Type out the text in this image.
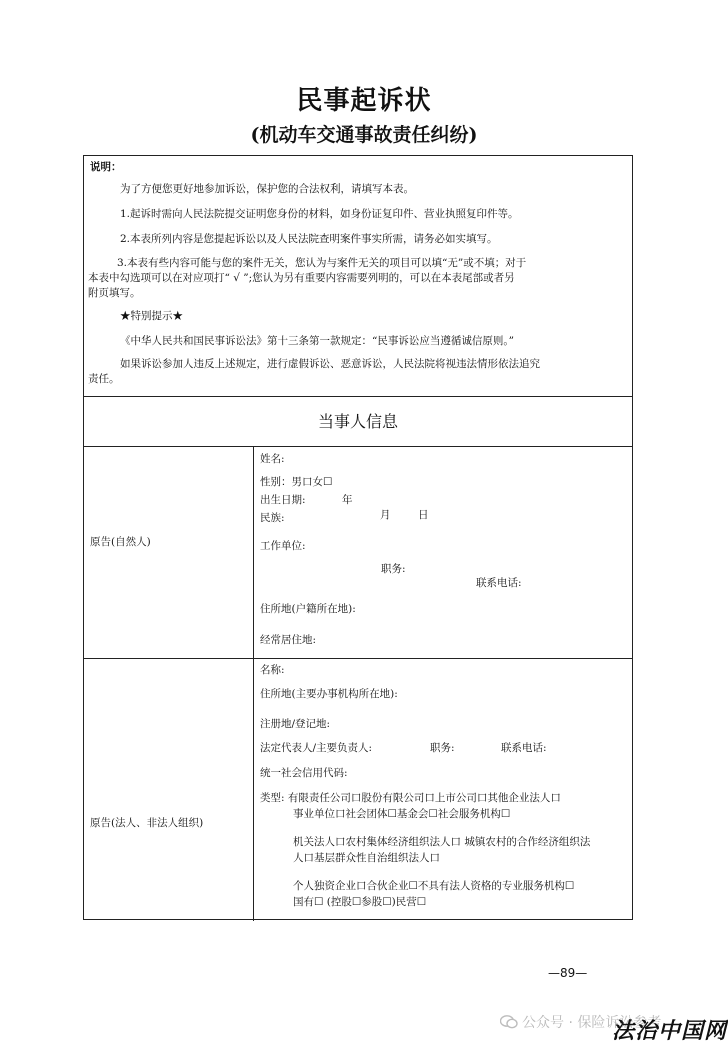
民事起诉状
(机动车交通事故责任纠纷)
说明：
为了方便您更好地参加诉讼，保护您的合法权利，请填写本表。
1.起诉时需向人民法院提交证明您身份的材料，如身份证复印件、营业执照复印件等。
2.本表所列内容是您提起诉讼以及人民法院查明案件事实所需，请务必如实填写。
3.本表有些内容可能与您的案件无关，您认为与案件无关的项目可以填“无”或不填；对于
本表中勾选项可以在对应项打“ √ ”;您认为另有重要内容需要列明的，可以在本表尾部或者另
附页填写。
★特别提示★
《中华人民共和国民事诉讼法》第十三条第一款规定：“民事诉讼应当遵循诚信原则。”
如果诉讼参加人违反上述规定，进行虚假诉讼、恶意诉讼，人民法院将视违法情形依法追究
责任。
当事人信息
原告(自然人)
姓名:
性别：男口女☐
出生日期:	年
月	日
民族:
工作单位:
职务:
联系电话:
住所地(户籍所在地):
经常居住地:
原告(法人、非法人组织)
名称:
住所地(主要办事机构所在地):
注册地/登记地:
法定代表人/主要负责人:	职务:	联系电话:
统一社会信用代码:
类型: 有限责任公司口股份有限公司口上市公司口其他企业法人口
事业单位口社会团体☐基金会☐社会服务机构☐
机关法人口农村集体经济组织法人口 城镇农村的合作经济组织法
人口基层群众性自治组织法人口
个人独资企业口合伙企业☐不具有法人资格的专业服务机构☐
国有☐ (控股☐参股☐)民营☐
—89—
公众号 · 保险诉讼参考
法治中国网
